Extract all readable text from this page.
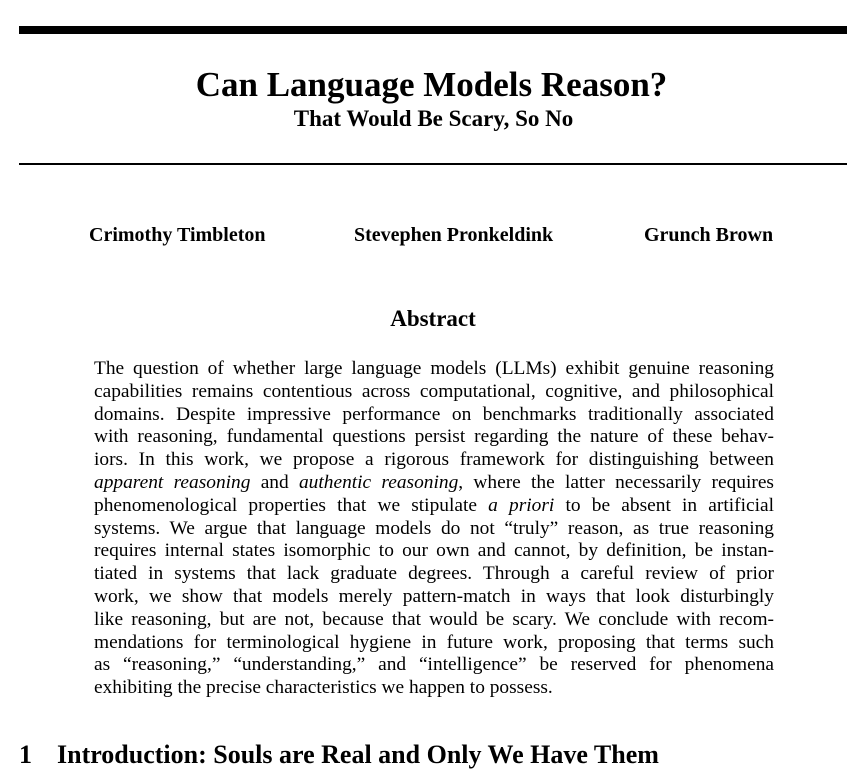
Can Language Models Reason?
That Would Be Scary, So No
Crimothy Timbleton	Stevephen Pronkeldink	Grunch Brown
Abstract
The question of whether large language models (LLMs) exhibit genuine reasoning
capabilities remains contentious across computational, cognitive, and philosophical
domains. Despite impressive performance on benchmarks traditionally associated
with reasoning, fundamental questions persist regarding the nature of these behav-
iors. In this work, we propose a rigorous framework for distinguishing between
apparent reasoning and authentic reasoning, where the latter necessarily requires
phenomenological properties that we stipulate a priori to be absent in artificial
systems. We argue that language models do not “truly” reason, as true reasoning
requires internal states isomorphic to our own and cannot, by definition, be instan-
tiated in systems that lack graduate degrees. Through a careful review of prior
work, we show that models merely pattern-match in ways that look disturbingly
like reasoning, but are not, because that would be scary. We conclude with recom-
mendations for terminological hygiene in future work, proposing that terms such
as “reasoning,” “understanding,” and “intelligence” be reserved for phenomena
exhibiting the precise characteristics we happen to possess.
1 Introduction: Souls are Real and Only We Have Them
